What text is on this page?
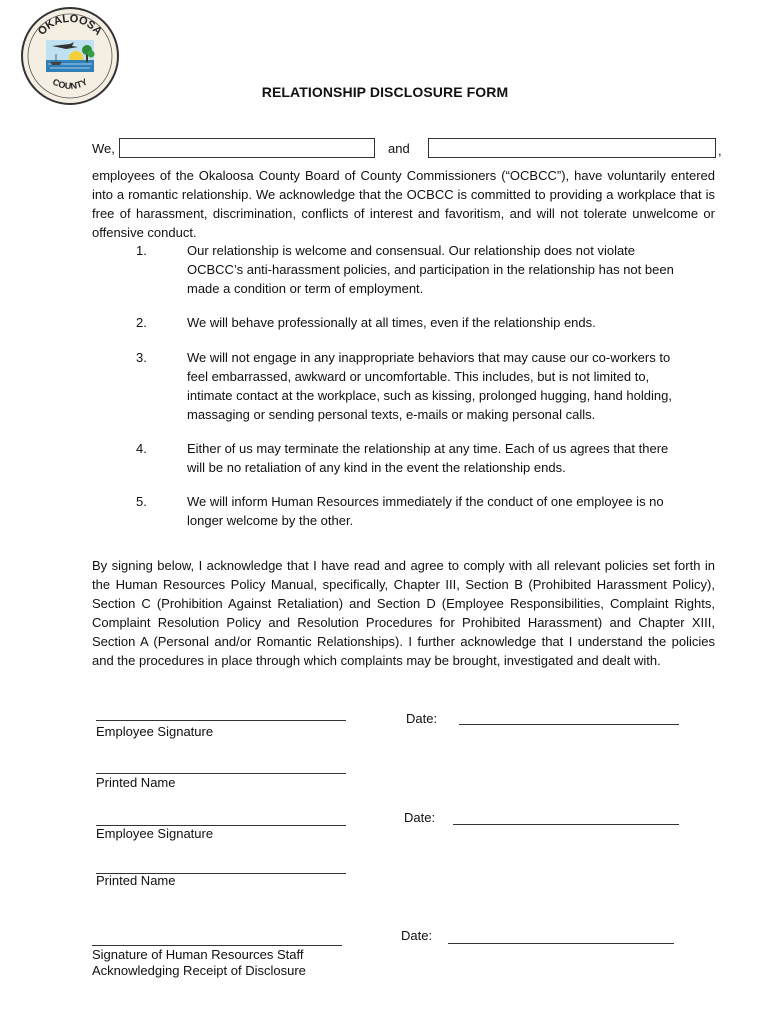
OKALOOSA
COUNTY
RELATIONSHIP DISCLOSURE FORM
We,	and	,
employees of the Okaloosa County Board of County Commissioners (“OCBCC”), have voluntarily entered into a romantic relationship. We acknowledge that the OCBCC is committed to providing a workplace that is free of harassment, discrimination, conflicts of interest and favoritism, and will not tolerate unwelcome or offensive conduct.
1.	Our relationship is welcome and consensual. Our relationship does not violate OCBCC’s anti-harassment policies, and participation in the relationship has not been made a condition or term of employment.
2.	We will behave professionally at all times, even if the relationship ends.
3.	We will not engage in any inappropriate behaviors that may cause our co-workers to feel embarrassed, awkward or uncomfortable. This includes, but is not limited to, intimate contact at the workplace, such as kissing, prolonged hugging, hand holding, massaging or sending personal texts, e-mails or making personal calls.
4.	Either of us may terminate the relationship at any time. Each of us agrees that there will be no retaliation of any kind in the event the relationship ends.
5.	We will inform Human Resources immediately if the conduct of one employee is no longer welcome by the other.
By signing below, I acknowledge that I have read and agree to comply with all relevant policies set forth in the Human Resources Policy Manual, specifically, Chapter III, Section B (Prohibited Harassment Policy), Section C (Prohibition Against Retaliation) and Section D (Employee Responsibilities, Complaint Rights, Complaint Resolution Policy and Resolution Procedures for Prohibited Harassment) and Chapter XIII, Section A (Personal and/or Romantic Relationships). I further acknowledge that I understand the policies and the procedures in place through which complaints may be brought, investigated and dealt with.
Employee Signature
Date:
Printed Name
Employee Signature
Date:
Printed Name
Signature of Human Resources Staff
Acknowledging Receipt of Disclosure
Date:
